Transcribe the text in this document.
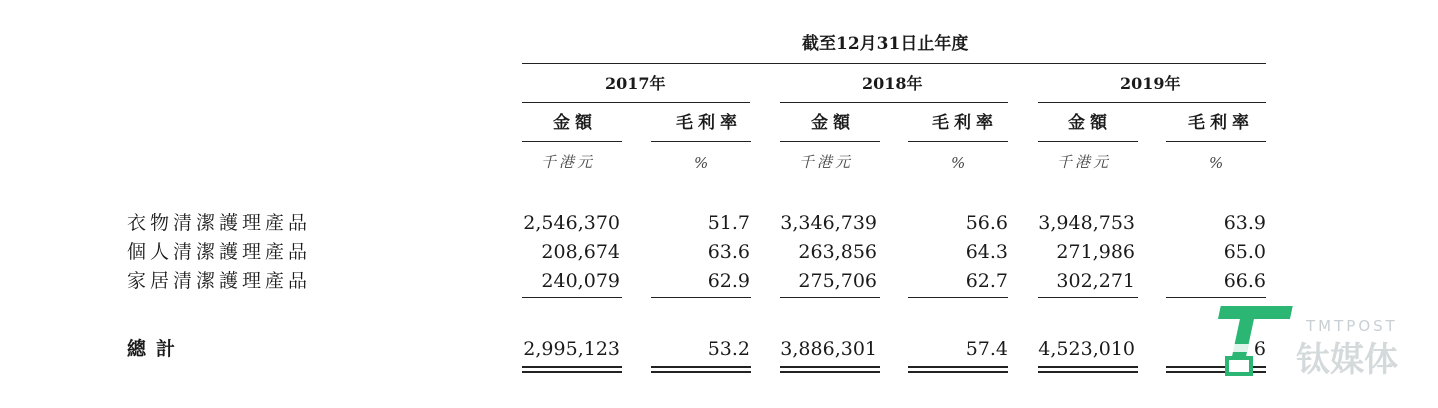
截至12月31日止年度
2017年	2018年	2019年
金額	毛利率	金額	毛利率	金額	毛利率
千港元	%	千港元	%	千港元	%
衣物清潔護理產品	2,546,370	51.7	3,346,739	56.6	3,948,753	63.9
個人清潔護理產品	208,674	63.6	263,856	64.3	271,986	65.0
家居清潔護理產品	240,079	62.9	275,706	62.7	302,271	66.6
總計	2,995,123	53.2	3,886,301	57.4	4,523,010	6
TMTPOST
钛媒体
